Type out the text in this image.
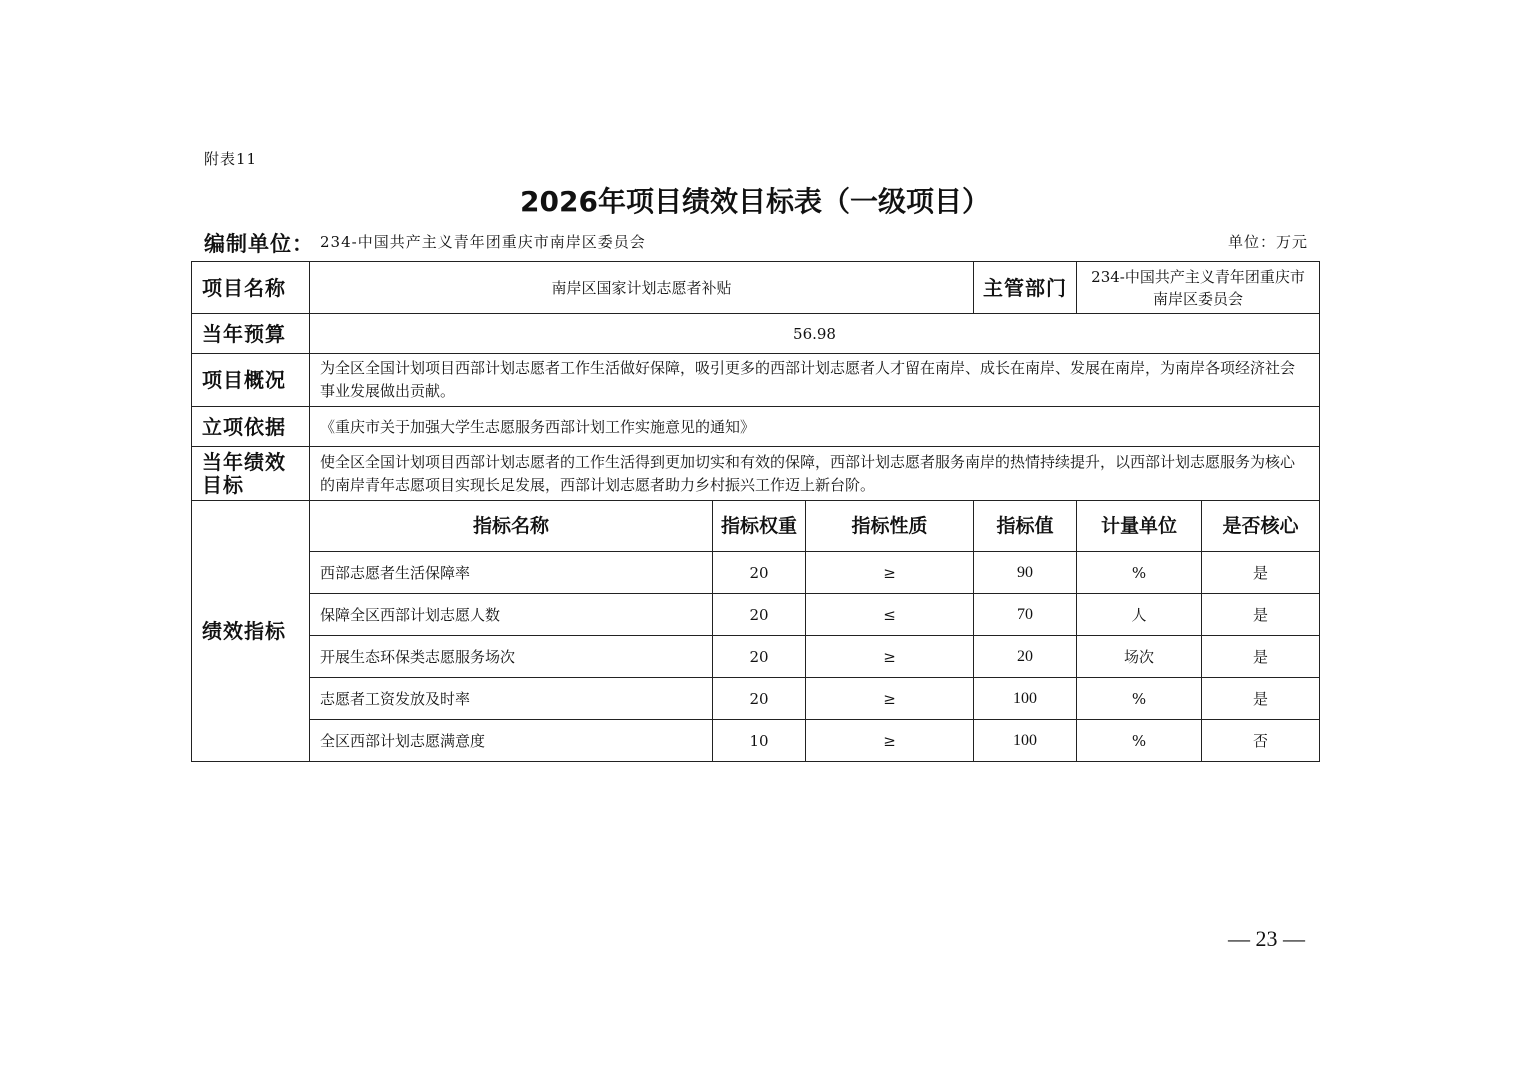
附表11
2026年项目绩效目标表（一级项目）
编制单位： 234-中国共产主义青年团重庆市南岸区委员会	单位：万元
项目名称	南岸区国家计划志愿者补贴			主管部门	234-中国共产主义青年团重庆市南岸区委员会	
当年预算	56.98					
项目概况	为全区全国计划项目西部计划志愿者工作生活做好保障，吸引更多的西部计划志愿者人才留在南岸、成长在南岸、发展在南岸，为南岸各项经济社会事业发展做出贡献。					
立项依据	《重庆市关于加强大学生志愿服务西部计划工作实施意见的通知》					
当年绩效目标	使全区全国计划项目西部计划志愿者的工作生活得到更加切实和有效的保障，西部计划志愿者服务南岸的热情持续提升，以西部计划志愿服务为核心的南岸青年志愿项目实现长足发展，西部计划志愿者助力乡村振兴工作迈上新台阶。					
绩效指标	指标名称	指标权重	指标性质	指标值	计量单位	是否核心
	西部志愿者生活保障率	20	≥	90	%	是
	保障全区西部计划志愿人数	20	≤	70	人	是
	开展生态环保类志愿服务场次	20	≥	20	场次	是
	志愿者工资发放及时率	20	≥	100	%	是
	全区西部计划志愿满意度	10	≥	100	%	否
— 23 —
